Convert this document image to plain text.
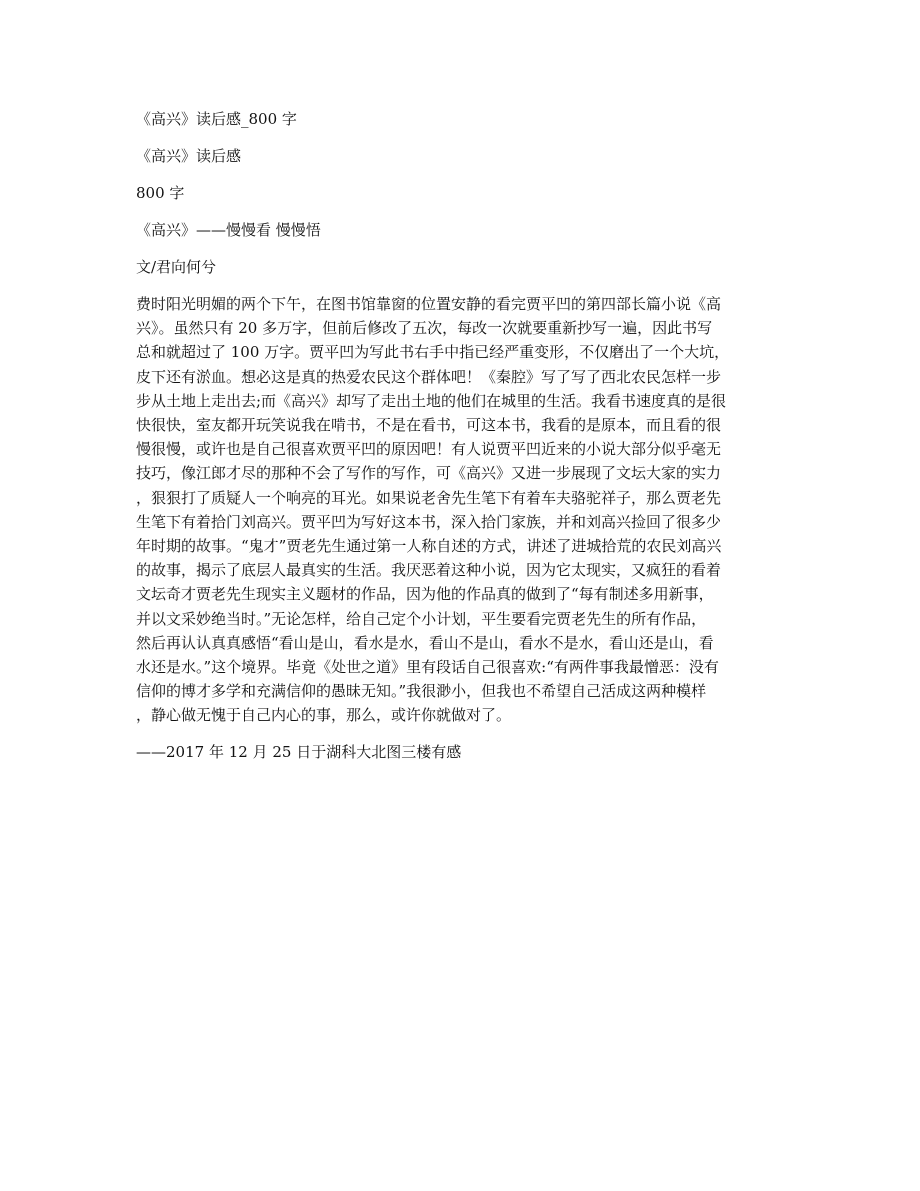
《高兴》读后感_800 字

《高兴》读后感

800 字

《高兴》——慢慢看 慢慢悟

文/君向何兮

费时阳光明媚的两个下午，在图书馆靠窗的位置安静的看完贾平凹的第四部长篇小说《高
兴》。虽然只有 20 多万字，但前后修改了五次，每改一次就要重新抄写一遍，因此书写
总和就超过了 100 万字。贾平凹为写此书右手中指已经严重变形，不仅磨出了一个大坑，
皮下还有淤血。想必这是真的热爱农民这个群体吧！《秦腔》写了写了西北农民怎样一步
步从土地上走出去;而《高兴》却写了走出土地的他们在城里的生活。我看书速度真的是很
快很快，室友都开玩笑说我在啃书，不是在看书，可这本书，我看的是原本，而且看的很
慢很慢，或许也是自己很喜欢贾平凹的原因吧！有人说贾平凹近来的小说大部分似乎毫无
技巧，像江郎才尽的那种不会了写作的写作，可《高兴》又进一步展现了文坛大家的实力
，狠狠打了质疑人一个响亮的耳光。如果说老舍先生笔下有着车夫骆驼祥子，那么贾老先
生笔下有着拾门刘高兴。贾平凹为写好这本书，深入拾门家族，并和刘高兴捡回了很多少
年时期的故事。“鬼才”贾老先生通过第一人称自述的方式，讲述了进城拾荒的农民刘高兴
的故事，揭示了底层人最真实的生活。我厌恶着这种小说，因为它太现实，又疯狂的看着
文坛奇才贾老先生现实主义题材的作品，因为他的作品真的做到了“每有制述多用新事，
并以文采妙绝当时。”无论怎样，给自己定个小计划，平生要看完贾老先生的所有作品，
然后再认认真真感悟“看山是山，看水是水，看山不是山，看水不是水，看山还是山，看
水还是水。”这个境界。毕竟《处世之道》里有段话自己很喜欢:“有两件事我最憎恶：没有
信仰的博才多学和充满信仰的愚昧无知。”我很渺小，但我也不希望自己活成这两种模样
，静心做无愧于自己内心的事，那么，或许你就做对了。

——2017 年 12 月 25 日于湖科大北图三楼有感
